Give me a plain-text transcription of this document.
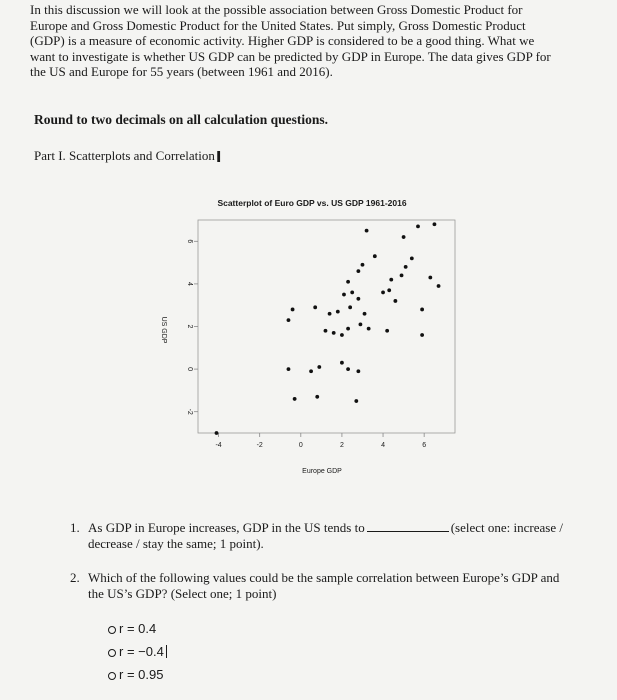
In this discussion we will look at the possible association between Gross Domestic Product for
Europe and Gross Domestic Product for the United States. Put simply, Gross Domestic Product
(GDP) is a measure of economic activity. Higher GDP is considered to be a good thing. What we
want to investigate is whether US GDP can be predicted by GDP in Europe. The data gives GDP for
the US and Europe for 55 years (between 1961 and 2016).

Round to two decimals on all calculation questions.

Part I. Scatterplots and CorrelationI

Scatterplot of Euro GDP vs. US GDP 1961-2016
-4	-2	0	2	4	6
-2
0
2
4
6
Europe GDP
US GDP

1. As GDP in Europe increases, GDP in the US tends to	(select one: increase /
decrease / stay the same; 1 point).

2. Which of the following values could be the sample correlation between Europe’s GDP and
the US’s GDP? (Select one; 1 point)

r = 0.4
r = −0.4
r = 0.95
